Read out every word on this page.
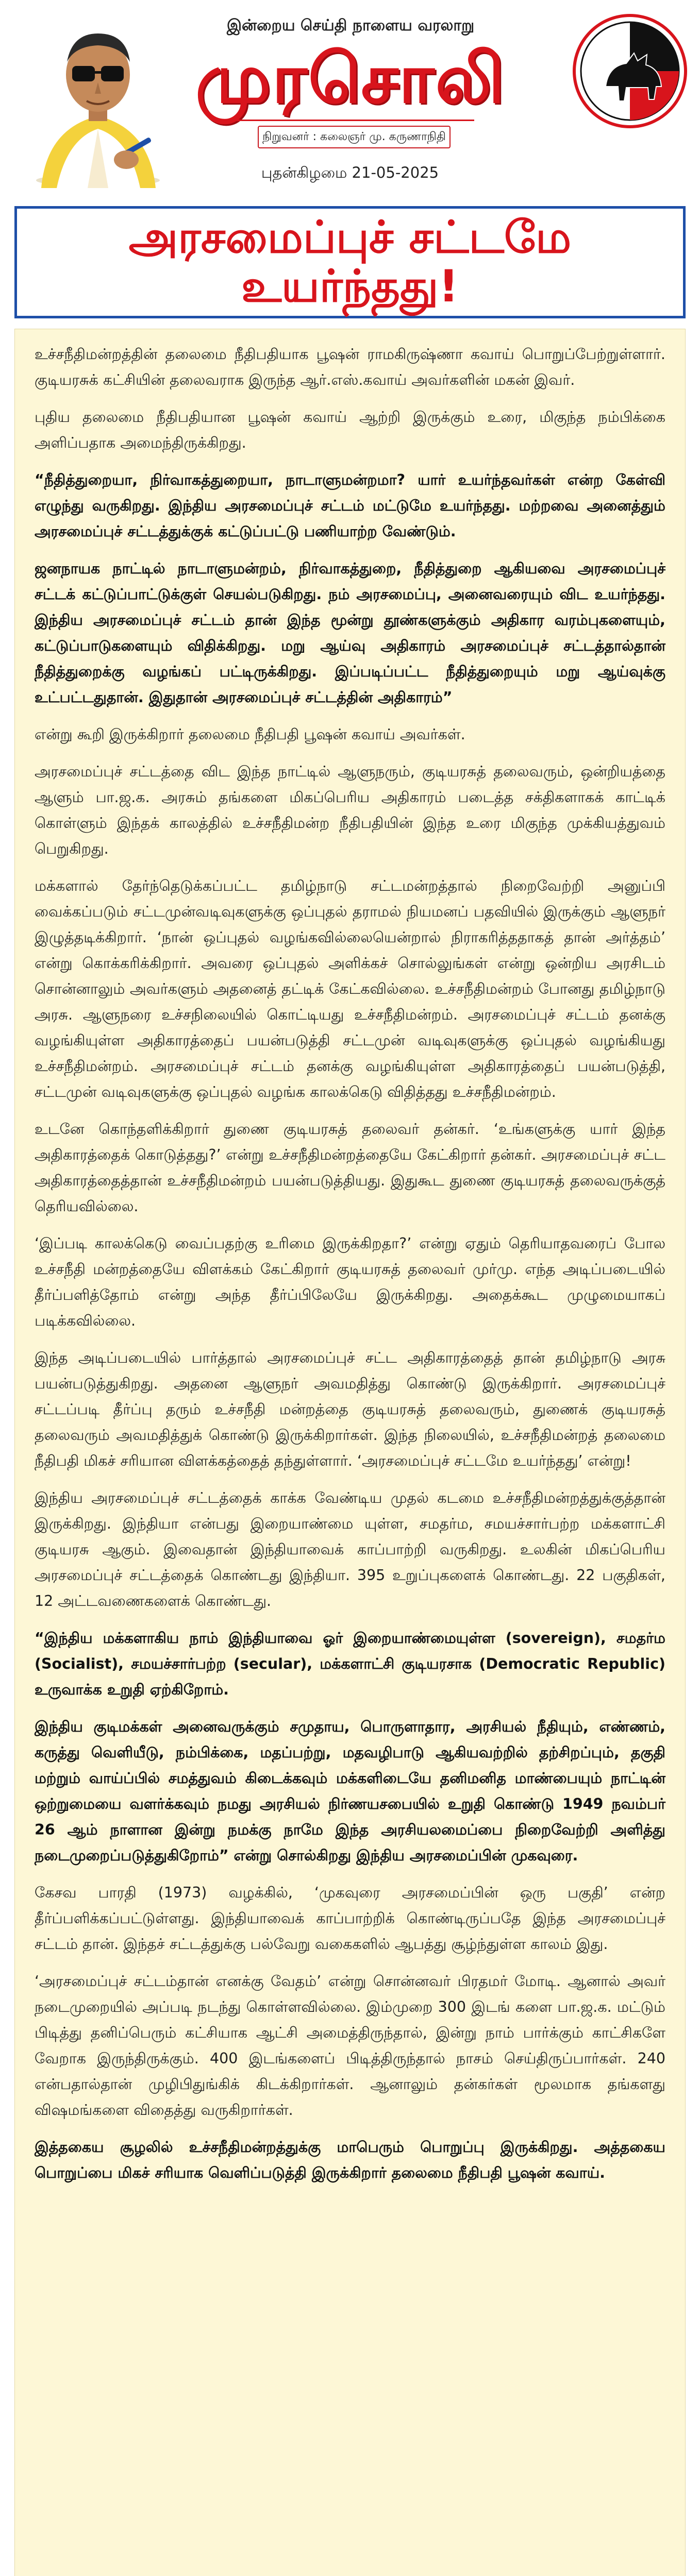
இன்றைய செய்தி நாளைய வரலாறு
முரசொலி
நிறுவனர் : கலைஞர் மு. கருணாநிதி
புதன்கிழமை 21-05-2025
அரசமைப்புச் சட்டமே உயர்ந்தது!

உச்சநீதிமன்றத்தின் தலைமை நீதிபதியாக பூஷன் ராமகிருஷ்ணா கவாய் பொறுப்பேற்றுள்ளார். குடியரசுக் கட்சியின் தலைவராக இருந்த ஆர்.எஸ்.கவாய் அவர்களின் மகன் இவர்.

புதிய தலைமை நீதிபதியான பூஷன் கவாய் ஆற்றி இருக்கும் உரை, மிகுந்த நம்பிக்கை அளிப்பதாக அமைந்திருக்கிறது.

“நீதித்துறையா, நிர்வாகத்துறையா, நாடாளுமன்றமா? யார் உயர்ந்தவர்கள் என்ற கேள்வி எழுந்து வருகிறது. இந்திய அரசமைப்புச் சட்டம் மட்டுமே உயர்ந்தது. மற்றவை அனைத்தும் அரசமைப்புச் சட்டத்துக்குக் கட்டுப்பட்டு பணியாற்ற வேண்டும்.

ஜனநாயக நாட்டில் நாடாளுமன்றம், நிர்வாகத்துறை, நீதித்துறை ஆகியவை அரசமைப்புச் சட்டக் கட்டுப்பாட்டுக்குள் செயல்படுகிறது. நம் அரசமைப்பு, அனைவரையும் விட உயர்ந்தது. இந்திய அரசமைப்புச் சட்டம் தான் இந்த மூன்று தூண்களுக்கும் அதிகார வரம்புகளையும், கட்டுப்பாடுகளையும் விதிக்கிறது. மறு ஆய்வு அதிகாரம் அரசமைப்புச் சட்டத்தால்தான் நீதித்துறைக்கு வழங்கப் பட்டிருக்கிறது. இப்படிப்பட்ட நீதித்துறையும் மறு ஆய்வுக்கு உட்பட்டதுதான். இதுதான் அரசமைப்புச் சட்டத்தின் அதிகாரம்”

என்று கூறி இருக்கிறார் தலைமை நீதிபதி பூஷன் கவாய் அவர்கள்.

அரசமைப்புச் சட்டத்தை விட இந்த நாட்டில் ஆளுநரும், குடியரசுத் தலைவரும், ஒன்றியத்தை ஆளும் பா.ஜ.க. அரசும் தங்களை மிகப்பெரிய அதிகாரம் படைத்த சக்திகளாகக் காட்டிக் கொள்ளும் இந்தக் காலத்தில் உச்சநீதிமன்ற நீதிபதியின் இந்த உரை மிகுந்த முக்கியத்துவம் பெறுகிறது.

மக்களால் தேர்ந்தெடுக்கப்பட்ட தமிழ்நாடு சட்டமன்றத்தால் நிறைவேற்றி அனுப்பி வைக்கப்படும் சட்டமுன்வடிவுகளுக்கு ஒப்புதல் தராமல் நியமனப் பதவியில் இருக்கும் ஆளுநர் இழுத்தடிக்கிறார். ‘நான் ஒப்புதல் வழங்கவில்லையென்றால் நிராகரித்ததாகத் தான் அர்த்தம்’ என்று கொக்கரிக்கிறார். அவரை ஒப்புதல் அளிக்கச் சொல்லுங்கள் என்று ஒன்றிய அரசிடம் சொன்னாலும் அவர்களும் அதனைத் தட்டிக் கேட்கவில்லை. உச்சநீதிமன்றம் போனது தமிழ்நாடு அரசு. ஆளுநரை உச்சநிலையில் கொட்டியது உச்சநீதிமன்றம். அரசமைப்புச் சட்டம் தனக்கு வழங்கியுள்ள அதிகாரத்தைப் பயன்படுத்தி சட்டமுன் வடிவுகளுக்கு ஒப்புதல் வழங்கியது உச்சநீதிமன்றம். அரசமைப்புச் சட்டம் தனக்கு வழங்கியுள்ள அதிகாரத்தைப் பயன்படுத்தி, சட்டமுன் வடிவுகளுக்கு ஒப்புதல் வழங்க காலக்கெடு விதித்தது உச்சநீதிமன்றம்.

உடனே கொந்தளிக்கிறார் துணை குடியரசுத் தலைவர் தன்கர். ‘உங்களுக்கு யார் இந்த அதிகாரத்தைக் கொடுத்தது?’ என்று உச்சநீதிமன்றத்தையே கேட்கிறார் தன்கர். அரசமைப்புச் சட்ட அதிகாரத்தைத்தான் உச்சநீதிமன்றம் பயன்படுத்தியது. இதுகூட துணை குடியரசுத் தலைவருக்குத் தெரியவில்லை.

‘இப்படி காலக்கெடு வைப்பதற்கு உரிமை இருக்கிறதா?’ என்று ஏதும் தெரியாதவரைப் போல உச்சநீதி மன்றத்தையே விளக்கம் கேட்கிறார் குடியரசுத் தலைவர் முர்மு. எந்த அடிப்படையில் தீர்ப்பளித்தோம் என்று அந்த தீர்ப்பிலேயே இருக்கிறது. அதைக்கூட முழுமையாகப் படிக்கவில்லை.

இந்த அடிப்படையில் பார்த்தால் அரசமைப்புச் சட்ட அதிகாரத்தைத் தான் தமிழ்நாடு அரசு பயன்படுத்துகிறது. அதனை ஆளுநர் அவமதித்து கொண்டு இருக்கிறார். அரசமைப்புச் சட்டப்படி தீர்ப்பு தரும் உச்சநீதி மன்றத்தை குடியரசுத் தலைவரும், துணைக் குடியரசுத் தலைவரும் அவமதித்துக் கொண்டு இருக்கிறார்கள். இந்த நிலையில், உச்சநீதிமன்றத் தலைமை நீதிபதி மிகச் சரியான விளக்கத்தைத் தந்துள்ளார். ‘அரசமைப்புச் சட்டமே உயர்ந்தது’ என்று!

இந்திய அரசமைப்புச் சட்டத்தைக் காக்க வேண்டிய முதல் கடமை உச்சநீதிமன்றத்துக்குத்தான் இருக்கிறது. இந்தியா என்பது இறையாண்மை யுள்ள, சமதர்ம, சமயச்சார்பற்ற மக்களாட்சி குடியரசு ஆகும். இவைதான் இந்தியாவைக் காப்பாற்றி வருகிறது. உலகின் மிகப்பெரிய அரசமைப்புச் சட்டத்தைக் கொண்டது இந்தியா. 395 உறுப்புகளைக் கொண்டது. 22 பகுதிகள், 12 அட்டவணைகளைக் கொண்டது.

“இந்திய மக்களாகிய நாம் இந்தியாவை ஓர் இறையாண்மையுள்ள (sovereign), சமதர்ம (Socialist), சமயச்சார்பற்ற (secular), மக்களாட்சி குடியரசாக (Democratic Republic) உருவாக்க உறுதி ஏற்கிறோம்.

இந்திய குடிமக்கள் அனைவருக்கும் சமுதாய, பொருளாதார, அரசியல் நீதியும், எண்ணம், கருத்து வெளியீடு, நம்பிக்கை, மதப்பற்று, மதவழிபாடு ஆகியவற்றில் தற்சிறப்பும், தகுதி மற்றும் வாய்ப்பில் சமத்துவம் கிடைக்கவும் மக்களிடையே தனிமனித மாண்பையும் நாட்டின் ஒற்றுமையை வளர்க்கவும் நமது அரசியல் நிர்ணயசபையில் உறுதி கொண்டு 1949 நவம்பர் 26 ஆம் நாளான இன்று நமக்கு நாமே இந்த அரசியலமைப்பை நிறைவேற்றி அளித்து நடைமுறைப்படுத்துகிறோம்” என்று சொல்கிறது இந்திய அரசமைப்பின் முகவுரை.

கேசவ பாரதி (1973) வழக்கில், ‘முகவுரை அரசமைப்பின் ஒரு பகுதி’ என்ற தீர்ப்பளிக்கப்பட்டுள்ளது. இந்தியாவைக் காப்பாற்றிக் கொண்டிருப்பதே இந்த அரசமைப்புச் சட்டம் தான். இந்தச் சட்டத்துக்கு பல்வேறு வகைகளில் ஆபத்து சூழ்ந்துள்ள காலம் இது.

‘அரசமைப்புச் சட்டம்தான் எனக்கு வேதம்’ என்று சொன்னவர் பிரதமர் மோடி. ஆனால் அவர் நடைமுறையில் அப்படி நடந்து கொள்ளவில்லை. இம்முறை 300 இடங் களை பா.ஜ.க. மட்டும் பிடித்து தனிப்பெரும் கட்சியாக ஆட்சி அமைத்திருந்தால், இன்று நாம் பார்க்கும் காட்சிகளே வேறாக இருந்திருக்கும். 400 இடங்களைப் பிடித்திருந்தால் நாசம் செய்திருப்பார்கள். 240 என்பதால்தான் முழிபிதுங்கிக் கிடக்கிறார்கள். ஆனாலும் தன்கர்கள் மூலமாக தங்களது விஷமங்களை விதைத்து வருகிறார்கள்.

இத்தகைய சூழலில் உச்சநீதிமன்றத்துக்கு மாபெரும் பொறுப்பு இருக்கிறது. அத்தகைய பொறுப்பை மிகச் சரியாக வெளிப்படுத்தி இருக்கிறார் தலைமை நீதிபதி பூஷன் கவாய்.
